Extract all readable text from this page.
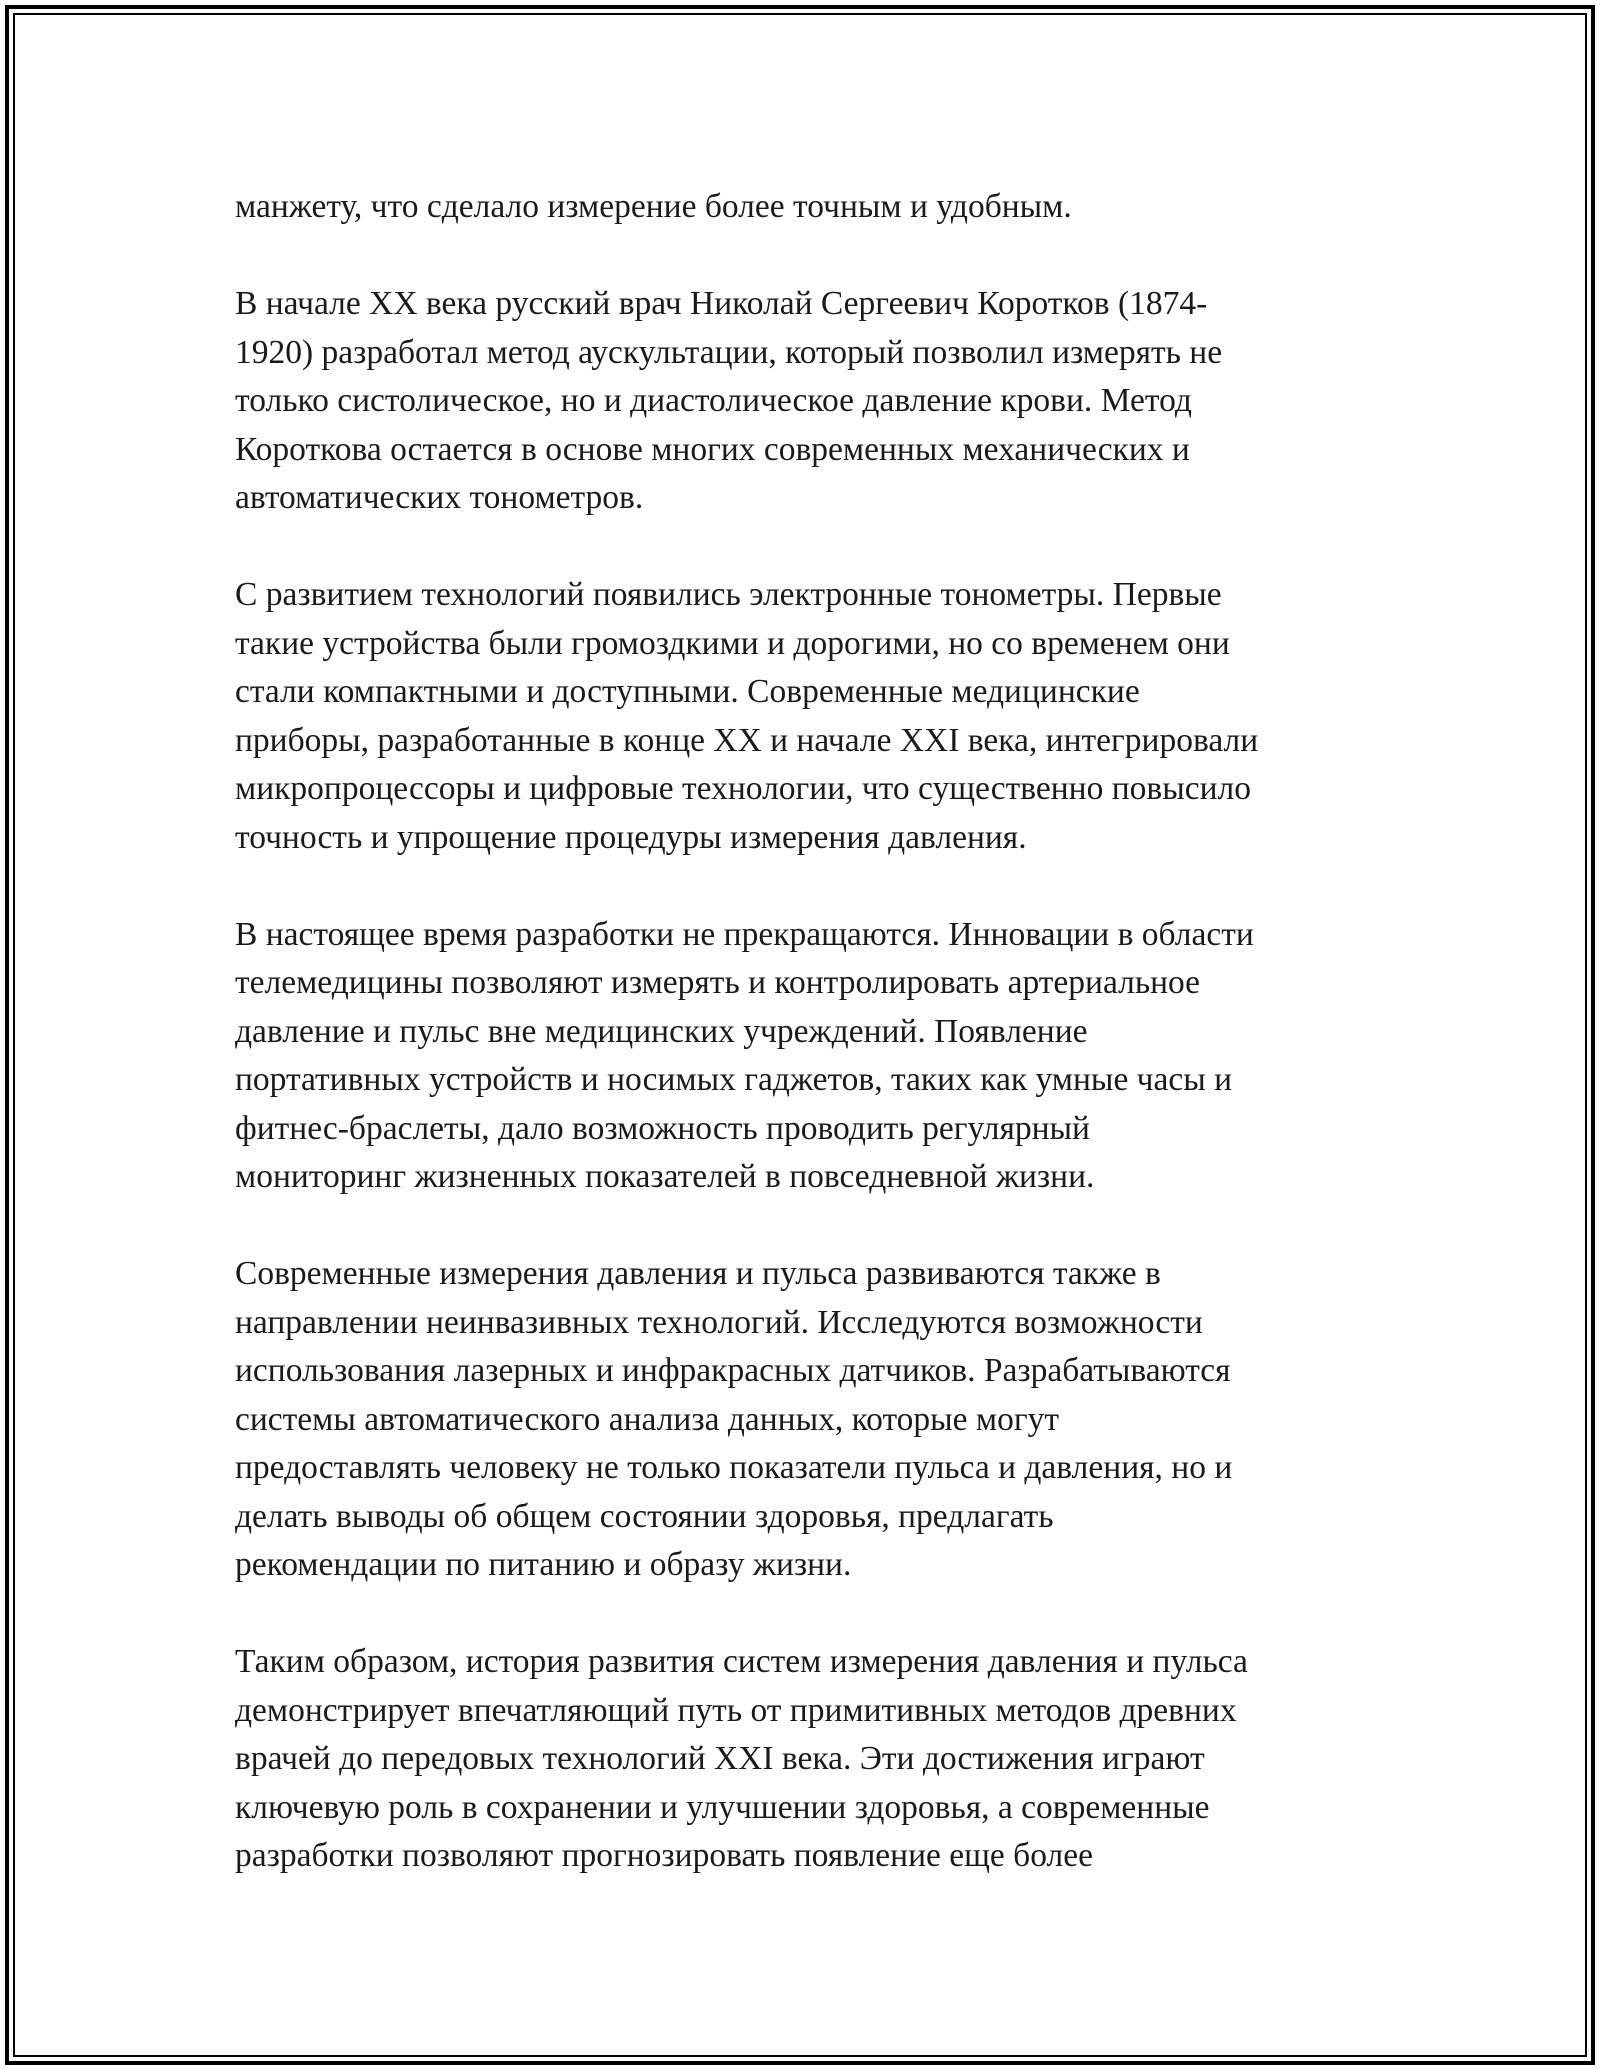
манжету, что сделало измерение более точным и удобным.

В начале XX века русский врач Николай Сергеевич Коротков (1874-
1920) разработал метод аускультации, который позволил измерять не
только систолическое, но и диастолическое давление крови. Метод
Короткова остается в основе многих современных механических и
автоматических тонометров.

С развитием технологий появились электронные тонометры. Первые
такие устройства были громоздкими и дорогими, но со временем они
стали компактными и доступными. Современные медицинские
приборы, разработанные в конце XX и начале XXI века, интегрировали
микропроцессоры и цифровые технологии, что существенно повысило
точность и упрощение процедуры измерения давления.

В настоящее время разработки не прекращаются. Инновации в области
телемедицины позволяют измерять и контролировать артериальное
давление и пульс вне медицинских учреждений. Появление
портативных устройств и носимых гаджетов, таких как умные часы и
фитнес-браслеты, дало возможность проводить регулярный
мониторинг жизненных показателей в повседневной жизни.

Современные измерения давления и пульса развиваются также в
направлении неинвазивных технологий. Исследуются возможности
использования лазерных и инфракрасных датчиков. Разрабатываются
системы автоматического анализа данных, которые могут
предоставлять человеку не только показатели пульса и давления, но и
делать выводы об общем состоянии здоровья, предлагать
рекомендации по питанию и образу жизни.

Таким образом, история развития систем измерения давления и пульса
демонстрирует впечатляющий путь от примитивных методов древних
врачей до передовых технологий XXI века. Эти достижения играют
ключевую роль в сохранении и улучшении здоровья, а современные
разработки позволяют прогнозировать появление еще более
